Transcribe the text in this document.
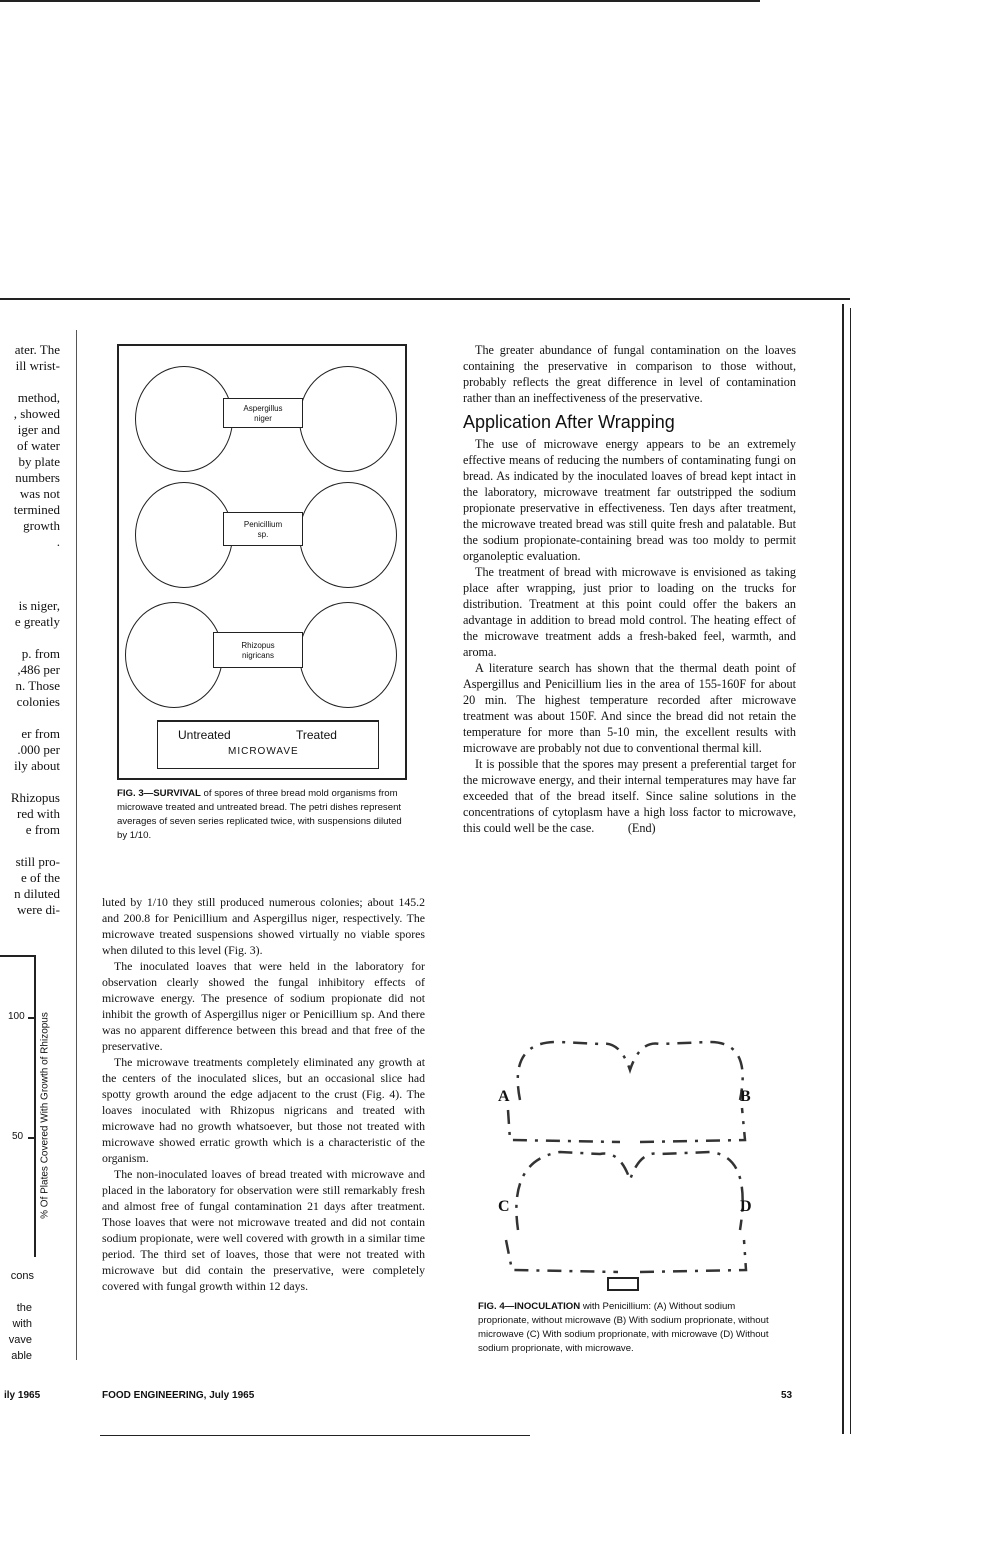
ater. The
ill wrist-
method,
, showed
iger and
of water
by plate
numbers
was not
termined
growth
.
is niger,
e greatly
p. from
,486 per
n. Those
colonies
er from
.000 per
ily about
Rhizopus
red with
e from
still pro-
e of the
n diluted
were di-
100
50 % Of Plates Covered With Growth of Rhizopus
cons
the
with
vave
able
Aspergillus
niger
Penicillium
sp.
Rhizopus
nigricans
Untreated	Treated
MICROWAVE
FIG. 3—SURVIVAL of spores of three bread mold organisms from microwave treated and untreated bread. The petri dishes represent averages of seven series replicated twice, with suspensions diluted by 1/10.

luted by 1/10 they still produced numerous colonies; about 145.2 and 200.8 for Penicillium and Aspergillus niger, respectively. The microwave treated suspensions showed virtually no viable spores when diluted to this level (Fig. 3).

The inoculated loaves that were held in the laboratory for observation clearly showed the fungal inhibitory effects of microwave energy. The presence of sodium propionate did not inhibit the growth of Aspergillus niger or Penicillium sp. And there was no apparent difference between this bread and that free of the preservative.

The microwave treatments completely eliminated any growth at the centers of the inoculated slices, but an occasional slice had spotty growth around the edge adjacent to the crust (Fig. 4). The loaves inoculated with Rhizopus nigricans and treated with microwave had no growth whatsoever, but those not treated with microwave showed erratic growth which is a characteristic of the organism.

The non-inoculated loaves of bread treated with microwave and placed in the laboratory for observation were still remarkably fresh and almost free of fungal contamination 21 days after treatment. Those loaves that were not microwave treated and did not contain sodium propionate, were well covered with growth in a similar time period. The third set of loaves, those that were not treated with microwave but did contain the preservative, were completely covered with fungal growth within 12 days.

The greater abundance of fungal contamination on the loaves containing the preservative in comparison to those without, probably reflects the great difference in level of contamination rather than an ineffectiveness of the preservative.

Application After Wrapping

The use of microwave energy appears to be an extremely effective means of reducing the numbers of contaminating fungi on bread. As indicated by the inoculated loaves of bread kept intact in the laboratory, microwave treatment far outstripped the sodium propionate preservative in effectiveness. Ten days after treatment, the microwave treated bread was still quite fresh and palatable. But the sodium propionate-containing bread was too moldy to permit organoleptic evaluation.

The treatment of bread with microwave is envisioned as taking place after wrapping, just prior to loading on the trucks for distribution. Treatment at this point could offer the bakers an advantage in addition to bread mold control. The heating effect of the microwave treatment adds a fresh-baked feel, warmth, and aroma.

A literature search has shown that the thermal death point of Aspergillus and Penicillium lies in the area of 155-160F for about 20 min. The highest temperature recorded after microwave treatment was about 150F. And since the bread did not retain the temperature for more than 5-10 min, the excellent results with microwave are probably not due to conventional thermal kill.

It is possible that the spores may present a preferential target for the microwave energy, and their internal temperatures may have far exceeded that of the bread itself. Since saline solutions in the concentrations of cytoplasm have a high loss factor to microwave, this could well be the case.	(End)

A	B
C	D
FIG. 4—INOCULATION with Penicillium: (A) Without sodium proprionate, without microwave (B) With sodium proprionate, without microwave (C) With sodium proprionate, with microwave (D) Without sodium proprionate, with microwave.
ily 1965	FOOD ENGINEERING, July 1965	53
